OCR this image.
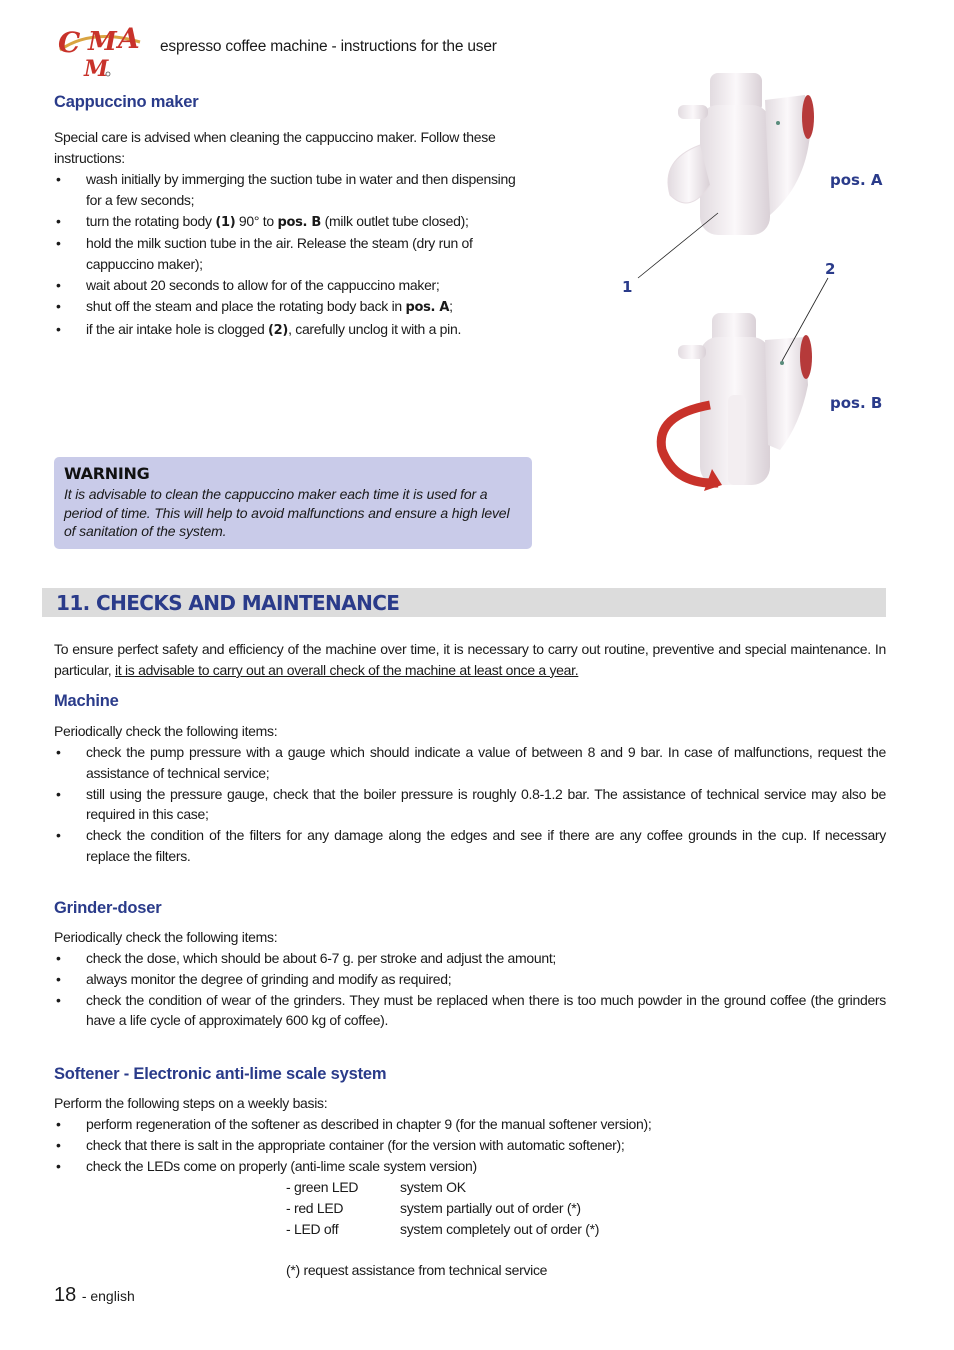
C M A
M
espresso coffee machine - instructions for the user
Cappuccino maker
Special care is advised when cleaning the cappuccino maker. Follow these instructions:
• wash initially by immerging the suction tube in water and then dispensing for a few seconds;
• turn the rotating body (1) 90° to pos. B (milk outlet tube closed);
• hold the milk suction tube in the air. Release the steam (dry run of cappuccino maker);
• wait about 20 seconds to allow for of the cappuccino maker;
• shut off the steam and place the rotating body back in pos. A;
• if the air intake hole is clogged (2), carefully unclog it with a pin.
pos. A
pos. B
1
2
WARNING
It is advisable to clean the cappuccino maker each time it is used for a period of time. This will help to avoid malfunctions and ensure a high level of sanitation of the system.
11. CHECKS AND MAINTENANCE
To ensure perfect safety and efficiency of the machine over time, it is necessary to carry out routine, preventive and special maintenance. In particular, it is advisable to carry out an overall check of the machine at least once a year.
Machine
Periodically check the following items:
• check the pump pressure with a gauge which should indicate a value of between 8 and 9 bar. In case of malfunctions, request the assistance of technical service;
• still using the pressure gauge, check that the boiler pressure is roughly 0.8-1.2 bar. The assistance of technical service may also be required in this case;
• check the condition of the filters for any damage along the edges and see if there are any coffee grounds in the cup. If necessary replace the filters.
Grinder-doser
Periodically check the following items:
• check the dose, which should be about 6-7 g. per stroke and adjust the amount;
• always monitor the degree of grinding and modify as required;
• check the condition of wear of the grinders. They must be replaced when there is too much powder in the ground coffee (the grinders have a life cycle of approximately 600 kg of coffee).
Softener - Electronic anti-lime scale system
Perform the following steps on a weekly basis:
• perform regeneration of the softener as described in chapter 9 (for the manual softener version);
• check that there is salt in the appropriate container (for the version with automatic softener);
• check the LEDs come on properly (anti-lime scale system version)
- green LED	system OK
- red LED	system partially out of order (*)
- LED off	system completely out of order (*)
(*) request assistance from technical service
18 - english
